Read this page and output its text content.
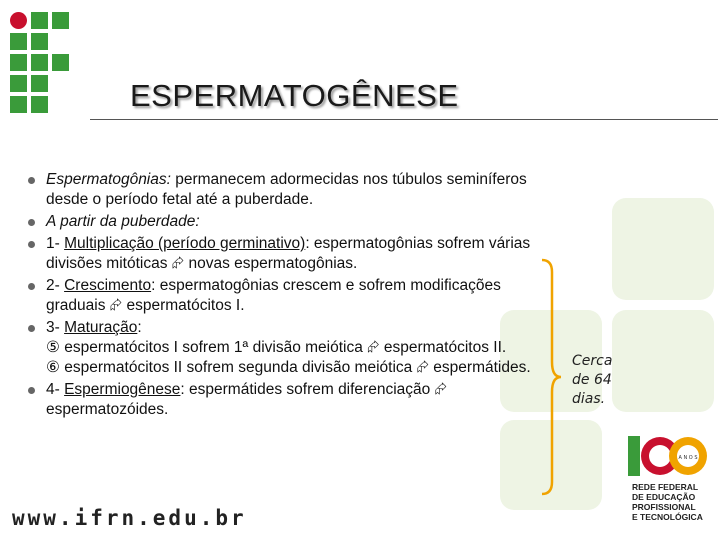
ESPERMATOGÊNESE
Espermatogônias: permanecem adormecidas nos túbulos seminíferos desde o período fetal até a puberdade.
A partir da puberdade:
1- Multiplicação (período germinativo): espermatogônias sofrem várias divisões mitóticas ⮳ novas espermatogônias.
2- Crescimento: espermatogônias crescem e sofrem modificações graduais ⮳ espermatócitos I.
3- Maturação:
⑤ espermatócitos I sofrem 1ª divisão meiótica ⮳ espermatócitos II.
⑥ espermatócitos II sofrem segunda divisão meiótica ⮳ espermátides.
4- Espermiogênese: espermátides sofrem diferenciação ⮳ espermatozóides.
Cerca
de 64
dias.
www.ifrn.edu.br
A N O S
REDE FEDERAL
DE EDUCAÇÃO
PROFISSIONAL
E TECNOLÓGICA
